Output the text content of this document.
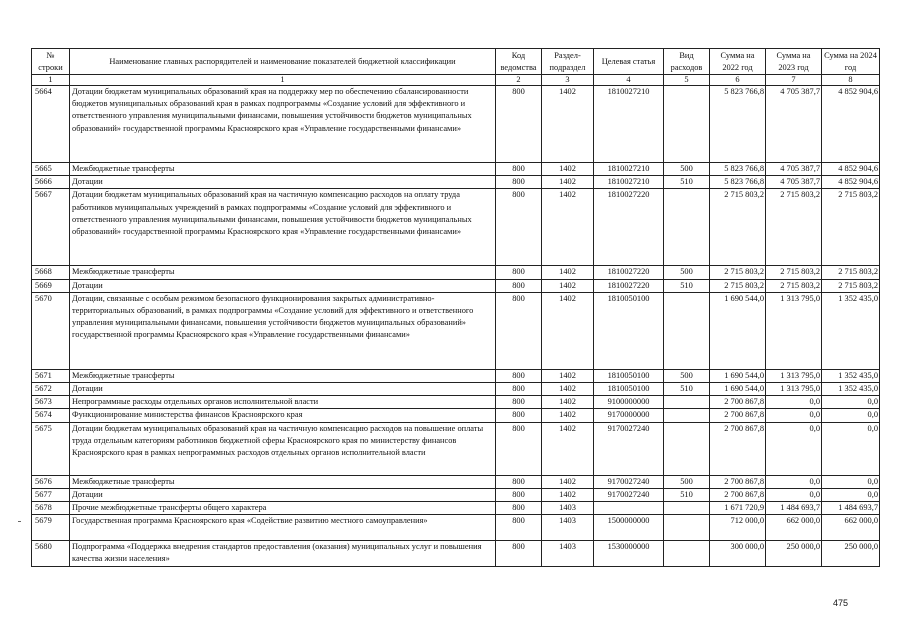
№ строки	Наименование главных распорядителей и наименование показателей бюджетной классификации	Код ведомства	Раздел-подраздел	Целевая статья	Вид расходов	Сумма на 2022 год	Сумма на 2023 год	Сумма на 2024 год
1	1	2	3	4	5	6	7	8
5664	Дотации бюджетам муниципальных образований края на поддержку мер по обеспечению сбалансированности бюджетов муниципальных образований края в рамках подпрограммы «Создание условий для эффективного и ответственного управления муниципальными финансами, повышения устойчивости бюджетов муниципальных образований» государственной программы Красноярского края «Управление государственными финансами»	800	1402	1810027210		5 823 766,8	4 705 387,7	4 852 904,6
5665	Межбюджетные трансферты	800	1402	1810027210	500	5 823 766,8	4 705 387,7	4 852 904,6
5666	Дотации	800	1402	1810027210	510	5 823 766,8	4 705 387,7	4 852 904,6
5667	Дотации бюджетам муниципальных образований края на частичную компенсацию расходов на оплату труда работников муниципальных учреждений в рамках подпрограммы «Создание условий для эффективного и ответственного управления муниципальными финансами, повышения устойчивости бюджетов муниципальных образований» государственной программы Красноярского края «Управление государственными финансами»	800	1402	1810027220		2 715 803,2	2 715 803,2	2 715 803,2
5668	Межбюджетные трансферты	800	1402	1810027220	500	2 715 803,2	2 715 803,2	2 715 803,2
5669	Дотации	800	1402	1810027220	510	2 715 803,2	2 715 803,2	2 715 803,2
5670	Дотации, связанные с особым режимом безопасного функционирования закрытых административно-территориальных образований, в рамках подпрограммы «Создание условий для эффективного и ответственного управления муниципальными финансами, повышения устойчивости бюджетов муниципальных образований» государственной программы Красноярского края «Управление государственными финансами»	800	1402	1810050100		1 690 544,0	1 313 795,0	1 352 435,0
5671	Межбюджетные трансферты	800	1402	1810050100	500	1 690 544,0	1 313 795,0	1 352 435,0
5672	Дотации	800	1402	1810050100	510	1 690 544,0	1 313 795,0	1 352 435,0
5673	Непрограммные расходы отдельных органов исполнительной власти	800	1402	9100000000		2 700 867,8	0,0	0,0
5674	Функционирование министерства финансов Красноярского края	800	1402	9170000000		2 700 867,8	0,0	0,0
5675	Дотации бюджетам муниципальных образований края на частичную компенсацию расходов на повышение оплаты труда отдельным категориям работников бюджетной сферы Красноярского края по министерству финансов Красноярского края в рамках непрограммных расходов отдельных органов исполнительной власти	800	1402	9170027240		2 700 867,8	0,0	0,0
5676	Межбюджетные трансферты	800	1402	9170027240	500	2 700 867,8	0,0	0,0
5677	Дотации	800	1402	9170027240	510	2 700 867,8	0,0	0,0
5678	Прочие межбюджетные трансферты общего характера	800	1403			1 671 720,9	1 484 693,7	1 484 693,7
5679	Государственная программа Красноярского края «Содействие развитию местного самоуправления»	800	1403	1500000000		712 000,0	662 000,0	662 000,0
5680	Подпрограмма «Поддержка внедрения стандартов предоставления (оказания) муниципальных услуг и повышения качества жизни населения»	800	1403	1530000000		300 000,0	250 000,0	250 000,0
475
